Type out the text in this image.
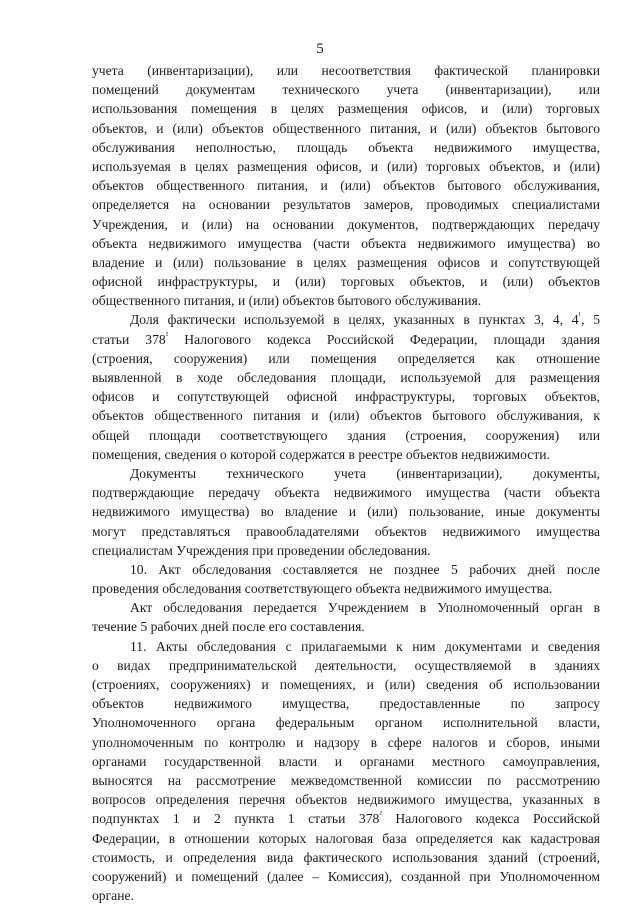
5
учета (инвентаризации), или несоответствия фактической планировки
помещений документам технического учета (инвентаризации), или
использования помещения в целях размещения офисов, и (или) торговых
объектов, и (или) объектов общественного питания, и (или) объектов бытового
обслуживания неполностью, площадь объекта недвижимого имущества,
используемая в целях размещения офисов, и (или) торговых объектов, и (или)
объектов общественного питания, и (или) объектов бытового обслуживания,
определяется на основании результатов замеров, проводимых специалистами
Учреждения, и (или) на основании документов, подтверждающих передачу
объекта недвижимого имущества (части объекта недвижимого имущества) во
владение и (или) пользование в целях размещения офисов и сопутствующей
офисной инфраструктуры, и (или) торговых объектов, и (или) объектов
общественного питания, и (или) объектов бытового обслуживания.
Доля фактически используемой в целях, указанных в пунктах 3, 4, $4^{^1}$, 5
статьи $378^{^2}$ Налогового кодекса Российской Федерации, площади здания
(строения, сооружения) или помещения определяется как отношение
выявленной в ходе обследования площади, используемой для размещения
офисов и сопутствующей офисной инфраструктуры, торговых объектов,
объектов общественного питания и (или) объектов бытового обслуживания, к
общей площади соответствующего здания (строения, сооружения) или
помещения, сведения о которой содержатся в реестре объектов недвижимости.
Документы технического учета (инвентаризации), документы,
подтверждающие передачу объекта недвижимого имущества (части объекта
недвижимого имущества) во владение и (или) пользование, иные документы
могут представляться правообладателями объектов недвижимого имущества
специалистам Учреждения при проведении обследования.
10. Акт обследования составляется не позднее 5 рабочих дней после
проведения обследования соответствующего объекта недвижимого имущества.
Акт обследования передается Учреждением в Уполномоченный орган в
течение 5 рабочих дней после его составления.
11. Акты обследования с прилагаемыми к ним документами и сведения
о видах предпринимательской деятельности, осуществляемой в зданиях
(строениях, сооружениях) и помещениях, и (или) сведения об использовании
объектов недвижимого имущества, предоставленные по запросу
Уполномоченного органа федеральным органом исполнительной власти,
уполномоченным по контролю и надзору в сфере налогов и сборов, иными
органами государственной власти и органами местного самоуправления,
выносятся на рассмотрение межведомственной комиссии по рассмотрению
вопросов определения перечня объектов недвижимого имущества, указанных в
подпунктах 1 и 2 пункта 1 статьи $378^{^2}$ Налогового кодекса Российской
Федерации, в отношении которых налоговая база определяется как кадастровая
стоимость, и определения вида фактического использования зданий (строений,
сооружений) и помещений (далее – Комиссия), созданной при Уполномоченном
органе.
